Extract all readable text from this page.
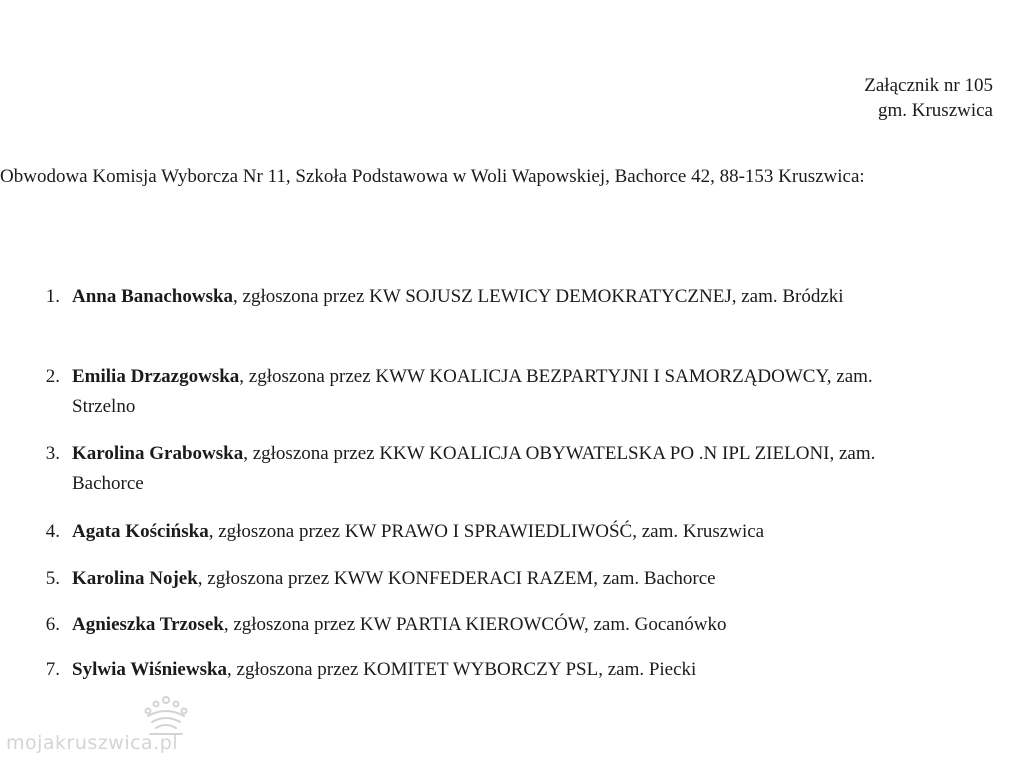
Załącznik nr 105
gm. Kruszwica
Obwodowa Komisja Wyborcza Nr 11, Szkoła Podstawowa w Woli Wapowskiej, Bachorce 42, 88-153 Kruszwica:
1. Anna Banachowska, zgłoszona przez KW SOJUSZ LEWICY DEMOKRATYCZNEJ, zam. Bródzki
2. Emilia Drzazgowska, zgłoszona przez KWW KOALICJA BEZPARTYJNI I SAMORZĄDOWCY, zam. Strzelno
3. Karolina Grabowska, zgłoszona przez KKW KOALICJA OBYWATELSKA PO .N IPL ZIELONI, zam. Bachorce
4. Agata Kościńska, zgłoszona przez KW PRAWO I SPRAWIEDLIWOŚĆ, zam. Kruszwica
5. Karolina Nojek, zgłoszona przez KWW KONFEDERACI RAZEM, zam. Bachorce
6. Agnieszka Trzosek, zgłoszona przez KW PARTIA KIEROWCÓW, zam. Gocanówko
7. Sylwia Wiśniewska, zgłoszona przez KOMITET WYBORCZY PSL, zam. Piecki
mojakruszwica.pl
